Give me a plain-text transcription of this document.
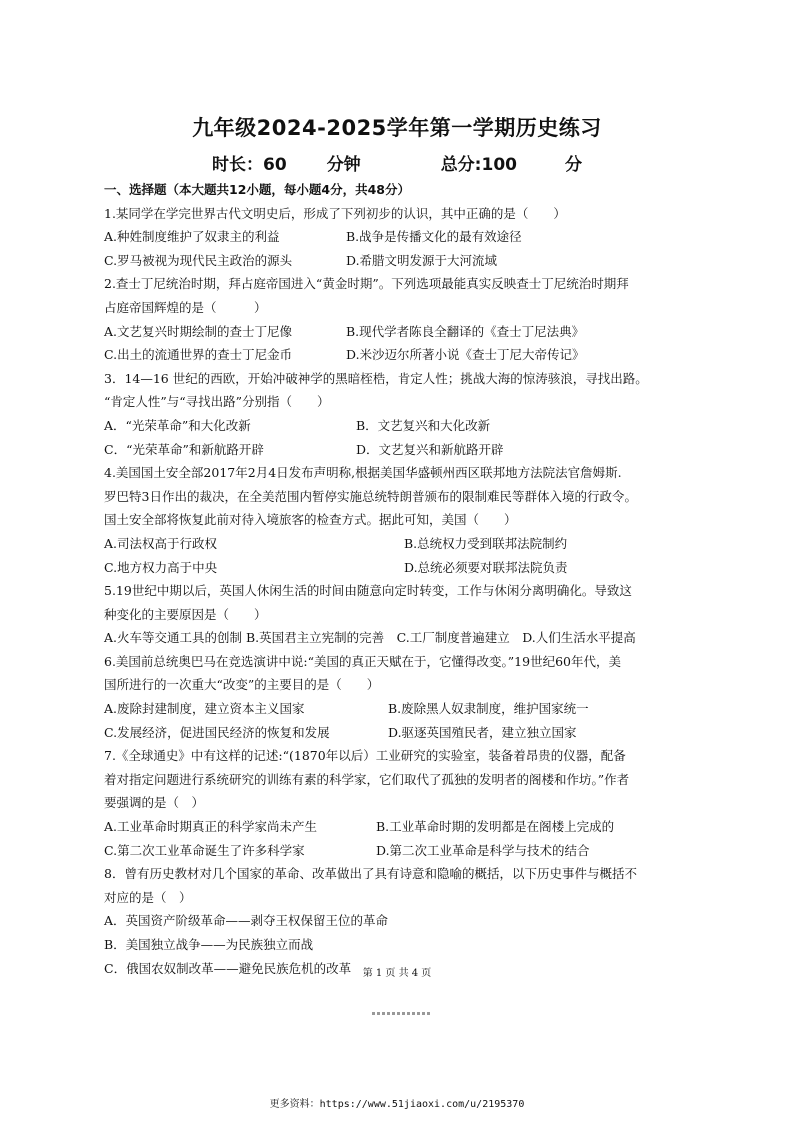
九年级2024-2025学年第一学期历史练习
时长：60 分钟	总分:100	分
一、选择题（本大题共12小题，每小题4分，共48分）
1.某同学在学完世界古代文明史后，形成了下列初步的认识，其中正确的是（　　）
A.种姓制度维护了奴隶主的利益	B.战争是传播文化的最有效途径
C.罗马被视为现代民主政治的源头	D.希腊文明发源于大河流域
2.查士丁尼统治时期，拜占庭帝国进入“黄金时期”。下列选项最能真实反映查士丁尼统治时期拜
占庭帝国辉煌的是（　　　）
A.文艺复兴时期绘制的查士丁尼像	B.现代学者陈良全翻译的《查士丁尼法典》
C.出土的流通世界的查士丁尼金币	D.米沙迈尔所著小说《查士丁尼大帝传记》
3．14—16 世纪的西欧，开始冲破神学的黑暗桎梏，肯定人性；挑战大海的惊涛骇浪，寻找出路。
“肯定人性”与“寻找出路”分别指（　　）
A．“光荣革命”和大化改新	B．文艺复兴和大化改新
C．“光荣革命”和新航路开辟	D．文艺复兴和新航路开辟
4.美国国土安全部2017年2月4日发布声明称,根据美国华盛顿州西区联邦地方法院法官詹姆斯.
罗巴特3日作出的裁决，在全美范围内暂停实施总统特朗普颁布的限制难民等群体入境的行政令。
国土安全部将恢复此前对待入境旅客的检查方式。据此可知，美国（　　）
A.司法权高于行政权	B.总统权力受到联邦法院制约
C.地方权力高于中央	D.总统必须要对联邦法院负责
5.19世纪中期以后，英国人休闲生活的时间由随意向定时转变，工作与休闲分离明确化。导致这
种变化的主要原因是（　　）
A.火车等交通工具的创制 B.英国君主立宪制的完善　C.工厂制度普遍建立　D.人们生活水平提高
6.美国前总统奥巴马在竞选演讲中说:“美国的真正天赋在于，它懂得改变。”19世纪60年代，美
国所进行的一次重大“改变”的主要目的是（　　）
A.废除封建制度，建立资本主义国家	B.废除黑人奴隶制度，维护国家统一
C.发展经济，促进国民经济的恢复和发展	D.驱逐英国殖民者，建立独立国家
7.《全球通史》中有这样的记述:“(1870年以后）工业研究的实验室，装备着昂贵的仪器，配备
着对指定问题进行系统研究的训练有素的科学家，它们取代了孤独的发明者的阁楼和作坊。”作者
要强调的是（　）
A.工业革命时期真正的科学家尚未产生	B.工业革命时期的发明都是在阁楼上完成的
C.第二次工业革命诞生了许多科学家	D.第二次工业革命是科学与技术的结合
8．曾有历史教材对几个国家的革命、改革做出了具有诗意和隐喻的概括，以下历史事件与概括不
对应的是（　）
A．英国资产阶级革命——剥夺王权保留王位的革命
B．美国独立战争——为民族独立而战
C．俄国农奴制改革——避免民族危机的改革	第 1 页 共 4 页
更多资料：https://www.51jiaoxi.com/u/2195370
